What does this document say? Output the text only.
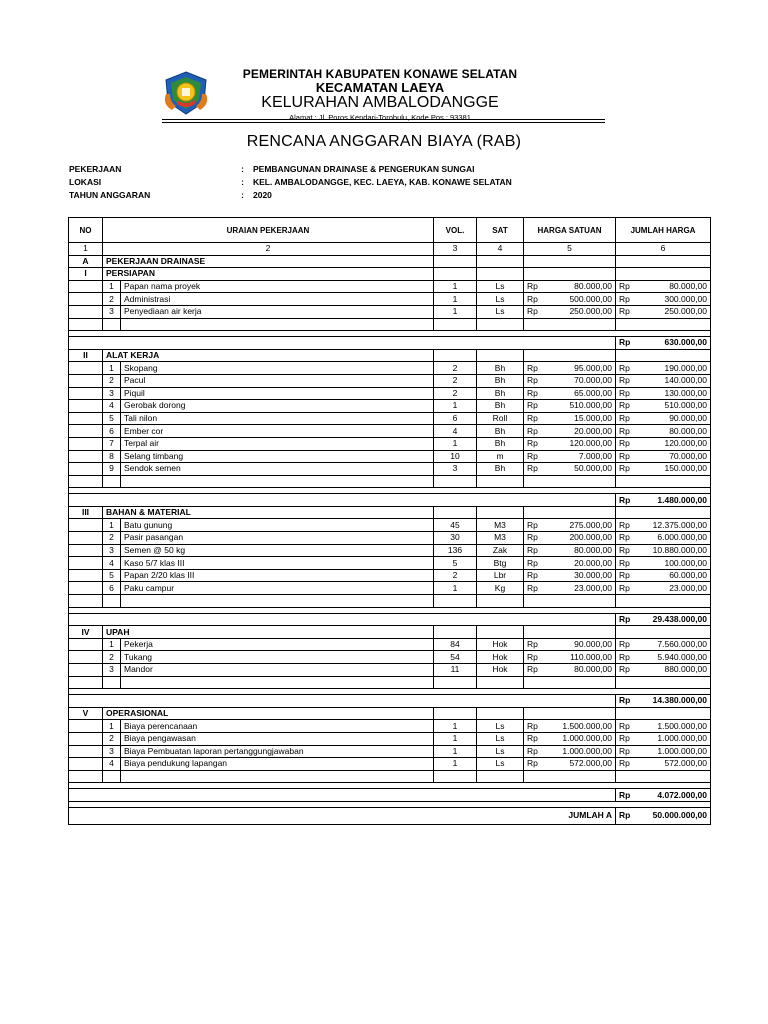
PEMERINTAH KABUPATEN KONAWE SELATAN
KECAMATAN LAEYA
KELURAHAN AMBALODANGGE
Alamat : Jl. Poros Kendari-Torobulu, Kode Pos : 93381
RENCANA ANGGARAN BIAYA (RAB)
PEKERJAAN	:	PEMBANGUNAN DRAINASE & PENGERUKAN SUNGAI
LOKASI	:	KEL. AMBALODANGGE, KEC. LAEYA, KAB. KONAWE SELATAN
TAHUN ANGGARAN	:	2020
NO	URAIAN PEKERJAAN		VOL.	SAT	HARGA SATUAN		JUMLAH HARGA	
1	2		3	4	5		6	
A	PEKERJAAN DRAINASE							
I	PERSIAPAN							
	1	Papan nama proyek	1	Ls	Rp	80.000,00	Rp	80.000,00
	2	Administrasi	1	Ls	Rp	500.000,00	Rp	300.000,00
	3	Penyediaan air kerja	1	Ls	Rp	250.000,00	Rp	250.000,00

							Rp	630.000,00
II	ALAT KERJA							
	1	Skopang	2	Bh	Rp	95.000,00	Rp	190.000,00
	2	Pacul	2	Bh	Rp	70.000,00	Rp	140.000,00
	3	Piquil	2	Bh	Rp	65.000,00	Rp	130.000,00
	4	Gerobak dorong	1	Bh	Rp	510.000,00	Rp	510.000,00
	5	Tali nilon	6	Roll	Rp	15.000,00	Rp	90.000,00
	6	Ember cor	4	Bh	Rp	20.000,00	Rp	80.000,00
	7	Terpal air	1	Bh	Rp	120.000,00	Rp	120.000,00
	8	Selang timbang	10	m	Rp	7.000,00	Rp	70.000,00
	9	Sendok semen	3	Bh	Rp	50.000,00	Rp	150.000,00

							Rp	1.480.000,00
III	BAHAN & MATERIAL							
	1	Batu gunung	45	M3	Rp	275.000,00	Rp	12.375.000,00
	2	Pasir pasangan	30	M3	Rp	200.000,00	Rp	6.000.000,00
	3	Semen @ 50 kg	136	Zak	Rp	80.000,00	Rp	10.880.000,00
	4	Kaso 5/7 klas III	5	Btg	Rp	20.000,00	Rp	100.000,00
	5	Papan 2/20 klas III	2	Lbr	Rp	30.000,00	Rp	60.000,00
	6	Paku campur	1	Kg	Rp	23.000,00	Rp	23.000,00

							Rp	29.438.000,00
IV	UPAH							
	1	Pekerja	84	Hok	Rp	90.000,00	Rp	7.560.000,00
	2	Tukang	54	Hok	Rp	110.000,00	Rp	5.940.000,00
	3	Mandor	11	Hok	Rp	80.000,00	Rp	880.000,00

							Rp	14.380.000,00
V	OPERASIONAL							
	1	Biaya perencanaan	1	Ls	Rp	1.500.000,00	Rp	1.500.000,00
	2	Biaya pengawasan	1	Ls	Rp	1.000.000,00	Rp	1.000.000,00
	3	Biaya Pembuatan laporan pertanggungjawaban	1	Ls	Rp	1.000.000,00	Rp	1.000.000,00
	4	Biaya pendukung lapangan	1	Ls	Rp	572.000,00	Rp	572.000,00

							Rp	4.072.000,00

JUMLAH A							Rp	50.000.000,00
